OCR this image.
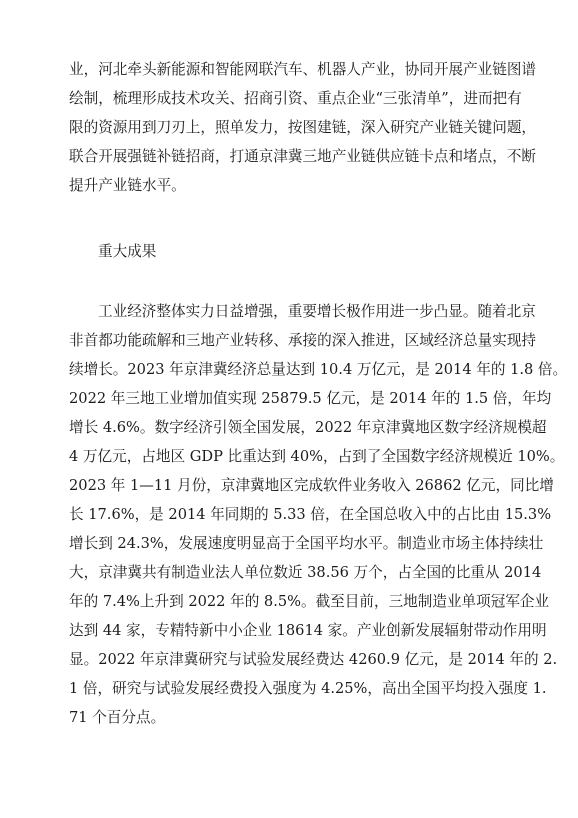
业，河北牵头新能源和智能网联汽车、机器人产业，协同开展产业链图谱
绘制，梳理形成技术攻关、招商引资、重点企业“三张清单”，进而把有
限的资源用到刀刃上，照单发力，按图建链，深入研究产业链关键问题，
联合开展强链补链招商，打通京津冀三地产业链供应链卡点和堵点，不断
提升产业链水平。
重大成果
工业经济整体实力日益增强，重要增长极作用进一步凸显。随着北京
非首都功能疏解和三地产业转移、承接的深入推进，区域经济总量实现持
续增长。2023 年京津冀经济总量达到 10.4 万亿元，是 2014 年的 1.8 倍。
2022 年三地工业增加值实现 25879.5 亿元，是 2014 年的 1.5 倍，年均
增长 4.6%。数字经济引领全国发展，2022 年京津冀地区数字经济规模超
4 万亿元，占地区 GDP 比重达到 40%，占到了全国数字经济规模近 10%。
2023 年 1—11 月份，京津冀地区完成软件业务收入 26862 亿元，同比增
长 17.6%，是 2014 年同期的 5.33 倍，在全国总收入中的占比由 15.3%
增长到 24.3%，发展速度明显高于全国平均水平。制造业市场主体持续壮
大，京津冀共有制造业法人单位数近 38.56 万个，占全国的比重从 2014
年的 7.4%上升到 2022 年的 8.5%。截至目前，三地制造业单项冠军企业
达到 44 家，专精特新中小企业 18614 家。产业创新发展辐射带动作用明
显。2022 年京津冀研究与试验发展经费达 4260.9 亿元，是 2014 年的 2.
1 倍，研究与试验发展经费投入强度为 4.25%，高出全国平均投入强度 1.
71 个百分点。
